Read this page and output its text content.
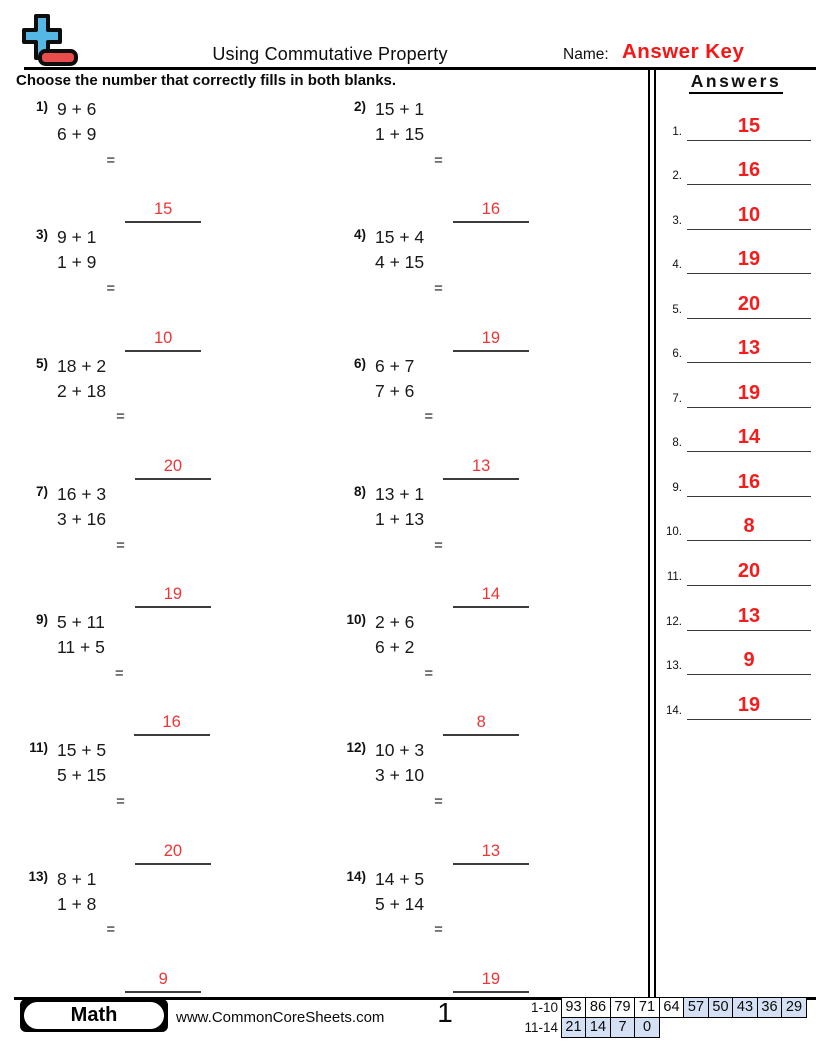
Using Commutative Property	Name: Answer Key
Choose the number that correctly fills in both blanks.
1) 9 + 6
6 + 9
=
15
2) 15 + 1
1 + 15
=
16
3) 9 + 1
1 + 9
=
10
4) 15 + 4
4 + 15
=
19
5) 18 + 2
2 + 18
=
20
6) 6 + 7
7 + 6
=
13
7) 16 + 3
3 + 16
=
19
8) 13 + 1
1 + 13
=
14
9) 5 + 11
11 + 5
=
16
10) 2 + 6
6 + 2
=
8
11) 15 + 5
5 + 15
=
20
12) 10 + 3
3 + 10
=
13
13) 8 + 1
1 + 8
=
9
14) 14 + 5
5 + 14
=
19
Answers
1.	15
2.	16
3.	10
4.	19
5.	20
6.	13
7.	19
8.	14
9.	16
10.	8
11.	20
12.	13
13.	9
14.	19
Math	www.CommonCoreSheets.com	1	1-10 93 86 79 71 64 57 50 43 36 29
11-14 21 14 7	0
